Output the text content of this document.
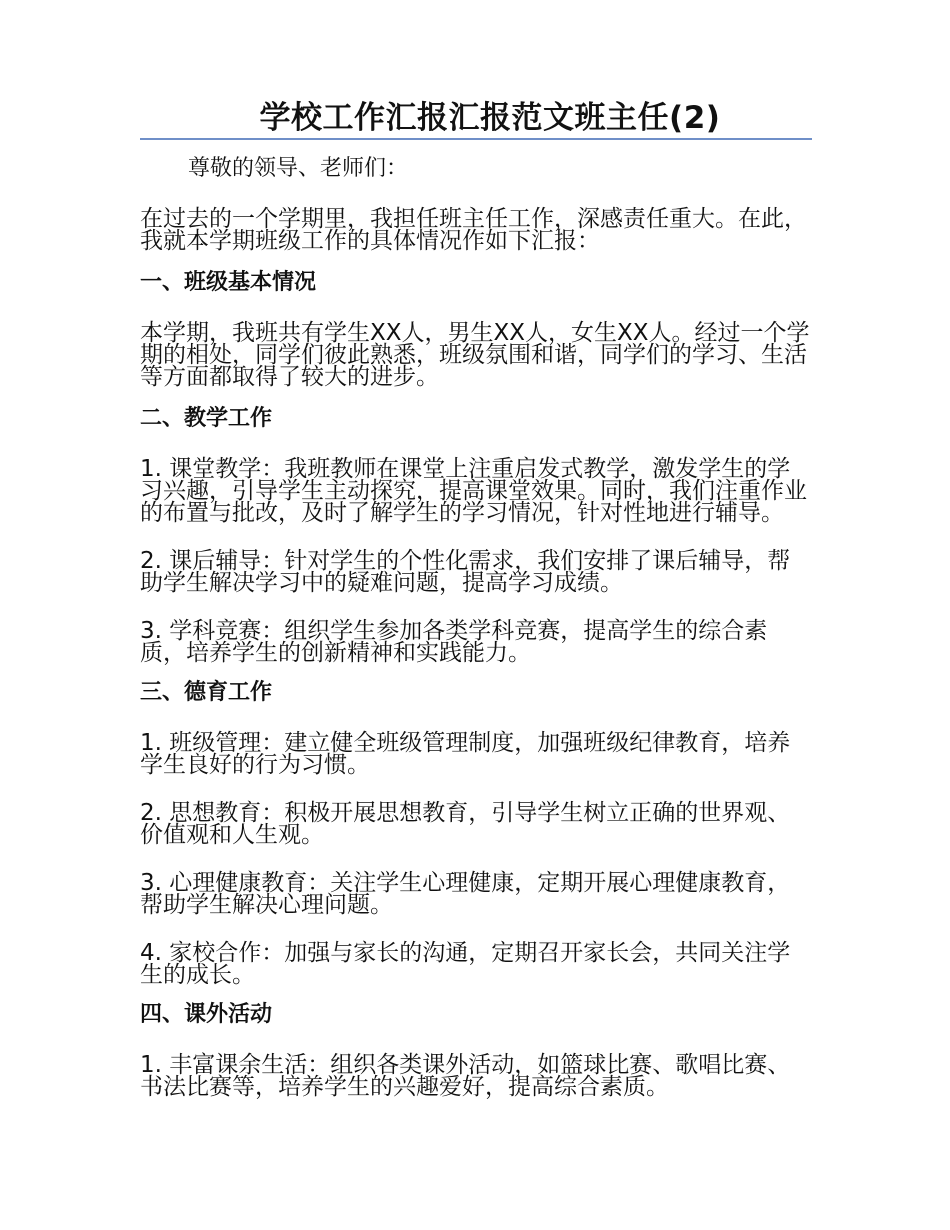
学校工作汇报汇报范文班主任(2)

尊敬的领导、老师们：

在过去的一个学期里，我担任班主任工作，深感责任重大。在此，我就本学期班级工作的具体情况作如下汇报：

一、班级基本情况

本学期，我班共有学生XX人，男生XX人，女生XX人。经过一个学期的相处，同学们彼此熟悉，班级氛围和谐，同学们的学习、生活等方面都取得了较大的进步。

二、教学工作

1. 课堂教学：我班教师在课堂上注重启发式教学，激发学生的学习兴趣，引导学生主动探究，提高课堂效果。同时，我们注重作业的布置与批改，及时了解学生的学习情况，针对性地进行辅导。

2. 课后辅导：针对学生的个性化需求，我们安排了课后辅导，帮助学生解决学习中的疑难问题，提高学习成绩。

3. 学科竞赛：组织学生参加各类学科竞赛，提高学生的综合素质，培养学生的创新精神和实践能力。

三、德育工作

1. 班级管理：建立健全班级管理制度，加强班级纪律教育，培养学生良好的行为习惯。

2. 思想教育：积极开展思想教育，引导学生树立正确的世界观、价值观和人生观。

3. 心理健康教育：关注学生心理健康，定期开展心理健康教育，帮助学生解决心理问题。

4. 家校合作：加强与家长的沟通，定期召开家长会，共同关注学生的成长。

四、课外活动

1. 丰富课余生活：组织各类课外活动，如篮球比赛、歌唱比赛、书法比赛等，培养学生的兴趣爱好，提高综合素质。
